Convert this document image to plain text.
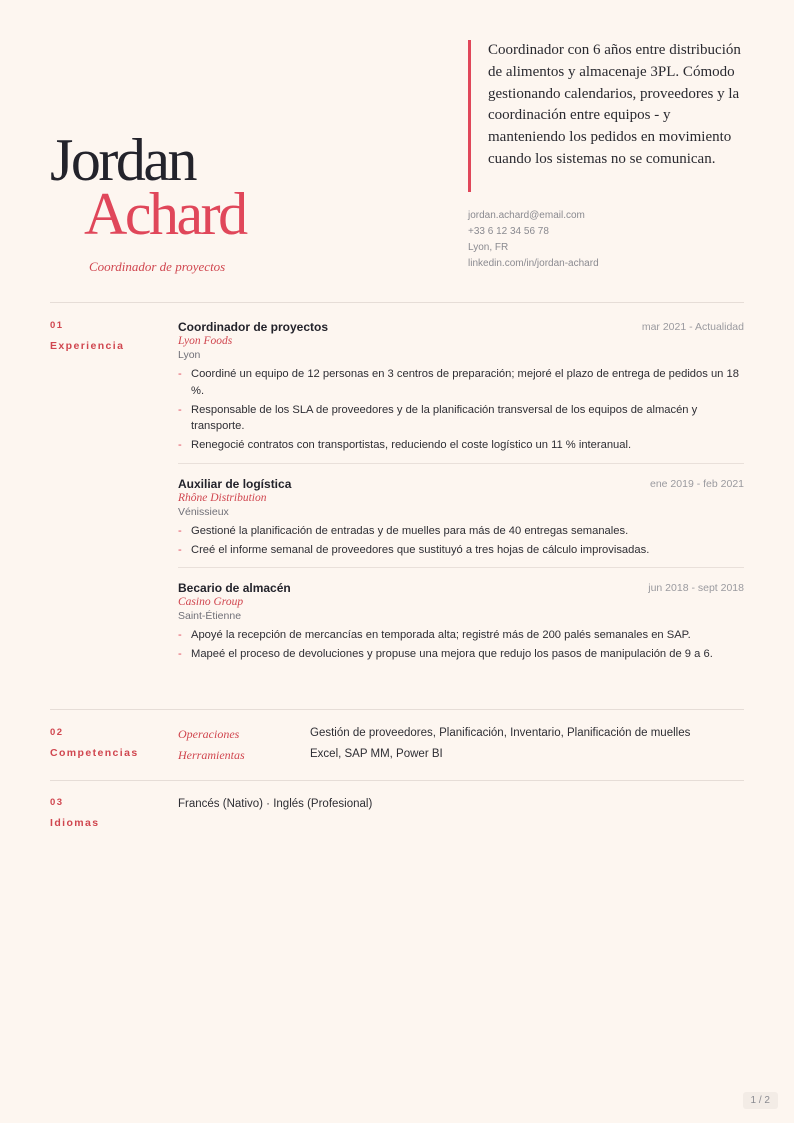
Jordan
Achard
Coordinador de proyectos
Coordinador con 6 años entre distribución de alimentos y almacenaje 3PL. Cómodo gestionando calendarios, proveedores y la coordinación entre equipos - y manteniendo los pedidos en movimiento cuando los sistemas no se comunican.
jordan.achard@email.com
+33 6 12 34 56 78
Lyon, FR
linkedin.com/in/jordan-achard
01
Experiencia
Coordinador de proyectos	mar 2021 - Actualidad
Lyon Foods
Lyon
- Coordiné un equipo de 12 personas en 3 centros de preparación; mejoré el plazo de entrega de pedidos un 18 %.
- Responsable de los SLA de proveedores y de la planificación transversal de los equipos de almacén y transporte.
- Renegocié contratos con transportistas, reduciendo el coste logístico un 11 % interanual.
Auxiliar de logística	ene 2019 - feb 2021
Rhône Distribution
Vénissieux
- Gestioné la planificación de entradas y de muelles para más de 40 entregas semanales.
- Creé el informe semanal de proveedores que sustituyó a tres hojas de cálculo improvisadas.
Becario de almacén	jun 2018 - sept 2018
Casino Group
Saint-Étienne
- Apoyé la recepción de mercancías en temporada alta; registré más de 200 palés semanales en SAP.
- Mapeé el proceso de devoluciones y propuse una mejora que redujo los pasos de manipulación de 9 a 6.
02
Competencias
Operaciones	Gestión de proveedores, Planificación, Inventario, Planificación de muelles
Herramientas	Excel, SAP MM, Power BI
03
Idiomas
Francés (Nativo) · Inglés (Profesional)
1 / 2
